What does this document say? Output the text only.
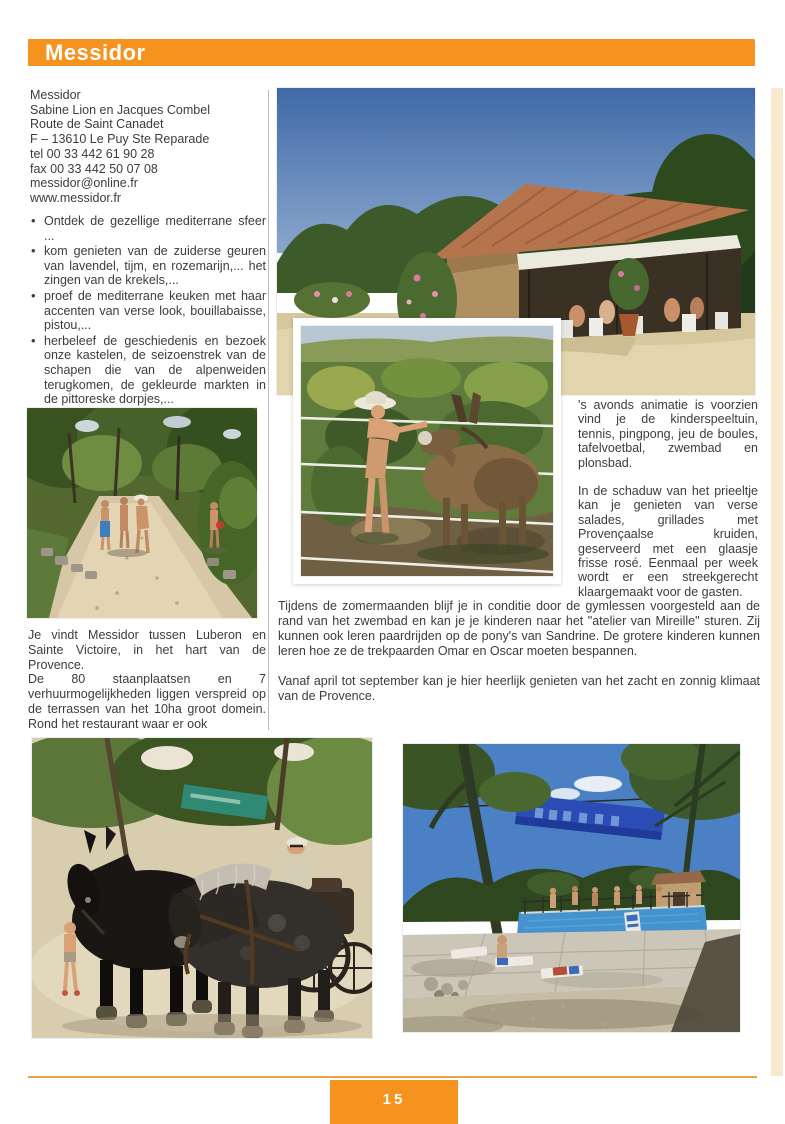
Messidor
Messidor
Sabine Lion en Jacques Combel
Route de Saint Canadet
F – 13610 Le Puy Ste Reparade
tel 00 33 442 61 90 28
fax 00 33 442 50 07 08
messidor@online.fr
www.messidor.fr
• Ontdek de gezellige mediterrane sfeer ...
• kom genieten van de zuiderse geuren van lavendel, tijm, en rozemarijn,... het zingen van de krekels,...
• proef de mediterrane keuken met haar accenten van verse look, bouillabaisse, pistou,...
• herbeleef de geschiedenis en bezoek onze kastelen, de seizoenstrek van de schapen die van de alpenweiden terugkomen, de gekleurde markten in de pittoreske dorpjes,...	's avonds animatie is voorzien vind je de kinderspeeltuin, tennis, pingpong, jeu de boules, tafelvoetbal, zwembad en plonsbad.

In de schaduw van het prieeltje kan je genieten van verse salades, grillades met Provençaalse kruiden, geserveerd met een glaasje frisse rosé. Eenmaal per week wordt er een streekgerecht klaargemaakt voor de gasten.

Je vindt Messidor tussen Luberon en Sainte Victoire, in het hart van de Provence.

De 80 staanplaatsen en 7 verhuurmogelijkheden liggen verspreid op de terrassen van het 10ha groot domein. Rond het restaurant waar er ook

Tijdens de zomermaanden blijf je in conditie door de gymlessen voorgesteld aan de rand van het zwembad en kan je je kinderen naar het "atelier van Mireille" sturen. Zij kunnen ook leren paardrijden op de pony's van Sandrine. De grotere kinderen kunnen leren hoe ze de trekpaarden Omar en Oscar moeten bespannen.

Vanaf april tot september kan je hier heerlijk genieten van het zacht en zonnig klimaat van de Provence.

15
